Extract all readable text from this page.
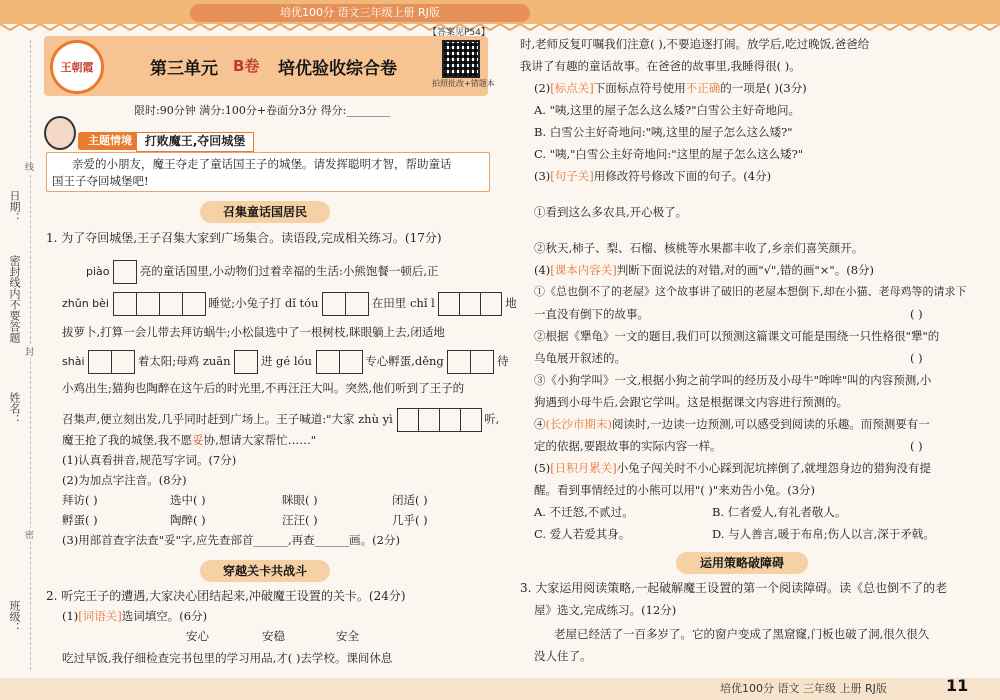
培优100分 语文三年级上册 RJ版
日期：
密封线内不要答题
姓名：
班级：
线
封
密
王朝霞	第三单元 B卷 培优验收综合卷
【答案见P54】
拍照批改+错题本
限时:90分钟 满分:100分+卷面分3分 得分:________
主题情境	打败魔王,夺回城堡
亲爱的小朋友，魔王夺走了童话国王子的城堡。请发挥聪明才智，帮助童话
国王子夺回城堡吧!
召集童话国居民
1. 为了夺回城堡,王子召集大家到广场集合。读语段,完成相关练习。(17分)
piào	亮的童话国里,小动物们过着幸福的生活:小熊饱餐一顿后,正
zhǔn bèi	睡觉;小兔子打 dǐ tóu	在田里 chǐ l	地
拔萝卜,打算一会儿带去拜访蜗牛;小松鼠选中了一根树枝,眯眼躺上去,闭适地
shài	着太阳;母鸡 zuān	进 gé lóu	专心孵蛋,děng	待
小鸡出生;猫狗也陶醉在这午后的时光里,不再汪汪大叫。突然,他们听到了王子的
召集声,便立刻出发,几乎同时赶到广场上。王子喊道:"大家 zhù yì	听,
魔王抢了我的城堡,我不愿妥协,想请大家帮忙……"
(1)认真看拼音,规范写字词。(7分)
(2)为加点字注音。(8分)
拜访( )	选中( )	眯眼( )	闭适( )
孵蛋( )	陶醉( )	汪汪( )	几乎( )
(3)用部首查字法查"妥"字,应先查部首______,再查______画。(2分)
穿越关卡共战斗
2. 听完王子的遭遇,大家决心团结起来,冲破魔王设置的关卡。(24分)
(1)[词语关]选词填空。(6分)
安心	安稳	安全
吃过早饭,我仔细检查完书包里的学习用品,才( )去学校。课间休息
时,老师反复叮嘱我们注意( ),不要追逐打闹。放学后,吃过晚饭,爸爸给
我讲了有趣的童话故事。在爸爸的故事里,我睡得很( )。
(2)[标点关]下面标点符号使用不正确的一项是( )(3分)
A. "咦,这里的屋子怎么这么矮?"白雪公主好奇地问。
B. 白雪公主好奇地问:"咦,这里的屋子怎么这么矮?"
C. "咦,"白雪公主好奇地问:"这里的屋子怎么这么矮?"
(3)[句子关]用修改符号修改下面的句子。(4分)
①看到这么多农具,开心极了。
②秋天,柿子、梨、石榴、核桃等水果都丰收了,乡亲们喜笑颜开。
(4)[课本内容关]判断下面说法的对错,对的画"√",错的画"×"。(8分)
①《总也倒不了的老屋》这个故事讲了破旧的老屋本想倒下,却在小猫、老母鸡等的请求下
一直没有倒下的故事。	( )
②根据《犟龟》一文的题目,我们可以预测这篇课文可能是围绕一只性格很"犟"的
乌龟展开叙述的。	( )
③《小狗学叫》一文,根据小狗之前学叫的经历及小母牛"哞哞"叫的内容预测,小
狗遇到小母牛后,会跟它学叫。这是根据课文内容进行预测的。
④(长沙市期末)阅读时,一边读一边预测,可以感受到阅读的乐趣。而预测要有一
定的依据,要跟故事的实际内容一样。	( )
(5)[日积月累关]小兔子闯关时不小心踩到泥坑摔倒了,就埋怨身边的猎狗没有提
醒。看到事情经过的小熊可以用"( )"来劝告小兔。(3分)
A. 不迁怒,不贰过。	B. 仁者爱人,有礼者敬人。
C. 爱人若爱其身。	D. 与人善言,暖于布帛;伤人以言,深于矛戟。
运用策略破障碍
3. 大家运用阅读策略,一起破解魔王设置的第一个阅读障碍。读《总也倒不了的老
屋》选文,完成练习。(12分)
老屋已经活了一百多岁了。它的窗户变成了黑窟窿,门板也破了洞,很久很久
没人住了。
培优100分 语文 三年级 上册 RJ版	11
